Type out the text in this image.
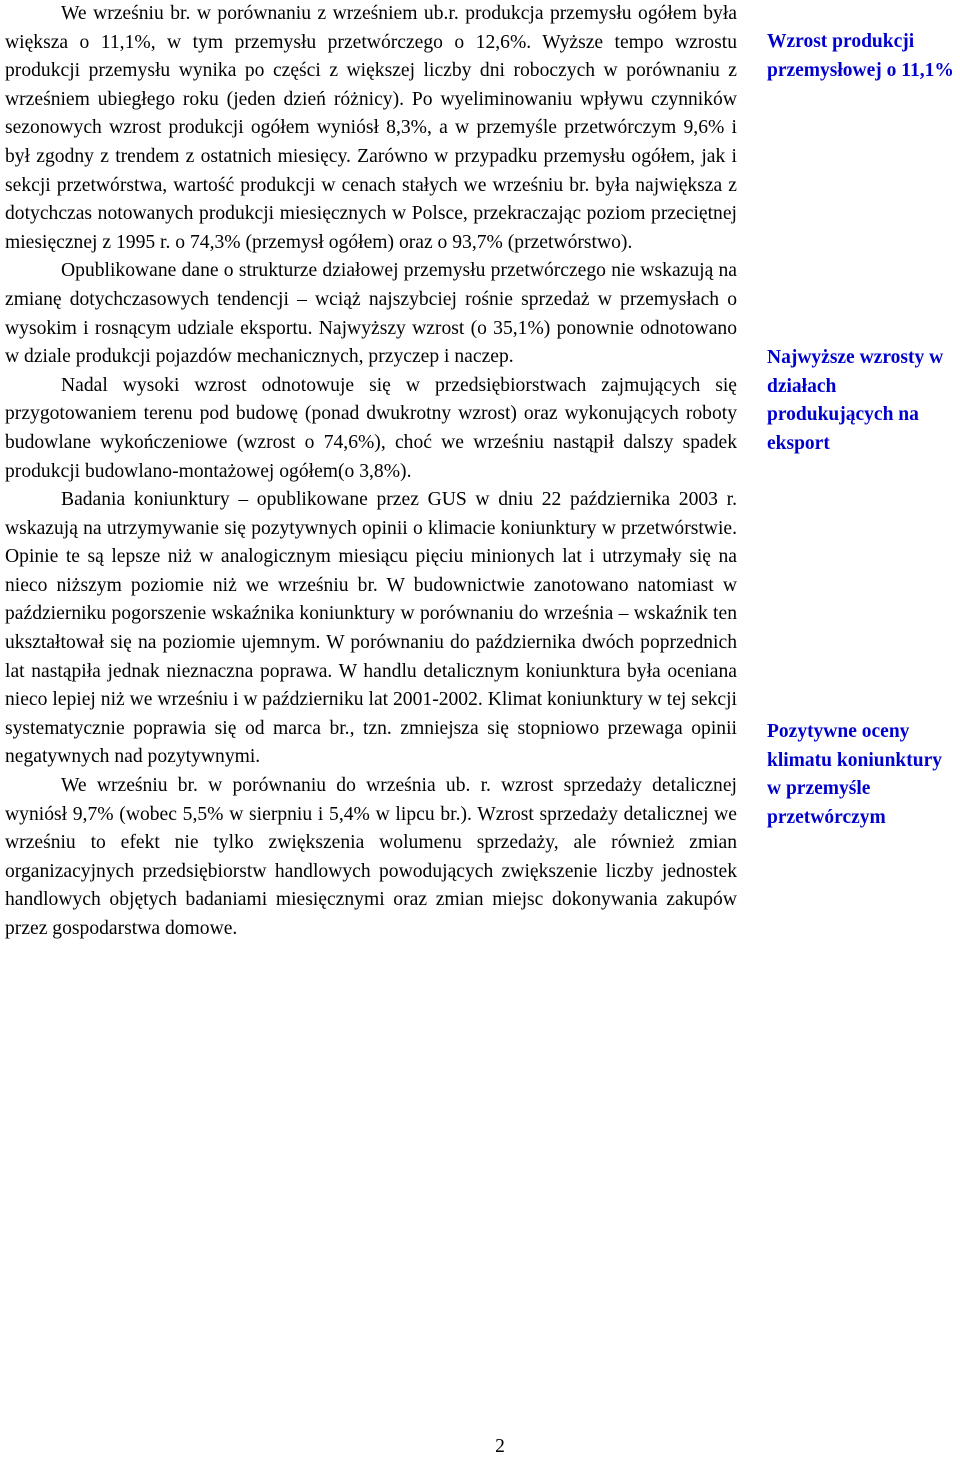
We wrześniu br. w porównaniu z wrześniem ub.r. produkcja przemysłu ogółem była większa o 11,1%, w tym przemysłu przetwórczego o 12,6%. Wyższe tempo wzrostu produkcji przemysłu wynika po części z większej liczby dni roboczych w porównaniu z wrześniem ubiegłego roku (jeden dzień różnicy). Po wyeliminowaniu wpływu czynników sezonowych wzrost produkcji ogółem wyniósł 8,3%, a w przemyśle przetwórczym 9,6% i był zgodny z trendem z ostatnich miesięcy. Zarówno w przypadku przemysłu ogółem, jak i sekcji przetwórstwa, wartość produkcji w cenach stałych we wrześniu br. była największa z dotychczas notowanych produkcji miesięcznych w Polsce, przekraczając poziom przeciętnej miesięcznej z 1995 r. o 74,3% (przemysł ogółem) oraz o 93,7% (przetwórstwo).

Opublikowane dane o strukturze działowej przemysłu przetwórczego nie wskazują na zmianę dotychczasowych tendencji – wciąż najszybciej rośnie sprzedaż w przemysłach o wysokim i rosnącym udziale eksportu. Najwyższy wzrost (o 35,1%) ponownie odnotowano w dziale produkcji pojazdów mechanicznych, przyczep i naczep.

Nadal wysoki wzrost odnotowuje się w przedsiębiorstwach zajmujących się przygotowaniem terenu pod budowę (ponad dwukrotny wzrost) oraz wykonujących roboty budowlane wykończeniowe (wzrost o 74,6%), choć we wrześniu nastąpił dalszy spadek produkcji budowlano-montażowej ogółem(o 3,8%).

Badania koniunktury – opublikowane przez GUS w dniu 22 października 2003 r. wskazują na utrzymywanie się pozytywnych opinii o klimacie koniunktury w przetwórstwie. Opinie te są lepsze niż w analogicznym miesiącu pięciu minionych lat i utrzymały się na nieco niższym poziomie niż we wrześniu br. W budownictwie zanotowano natomiast w październiku pogorszenie wskaźnika koniunktury w porównaniu do września – wskaźnik ten ukształtował się na poziomie ujemnym. W porównaniu do października dwóch poprzednich lat nastąpiła jednak nieznaczna poprawa. W handlu detalicznym koniunktura była oceniana nieco lepiej niż we wrześniu i w październiku lat 2001-2002. Klimat koniunktury w tej sekcji systematycznie poprawia się od marca br., tzn. zmniejsza się stopniowo przewaga opinii negatywnych nad pozytywnymi.

We wrześniu br. w porównaniu do września ub. r. wzrost sprzedaży detalicznej wyniósł 9,7% (wobec 5,5% w sierpniu i 5,4% w lipcu br.). Wzrost sprzedaży detalicznej we wrześniu to efekt nie tylko zwiększenia wolumenu sprzedaży, ale również zmian organizacyjnych przedsiębiorstw handlowych powodujących zwiększenie liczby jednostek handlowych objętych badaniami miesięcznymi oraz zmian miejsc dokonywania zakupów przez gospodarstwa domowe.

Wzrost produkcji przemysłowej o 11,1%
Najwyższe wzrosty w działach produkujących na eksport
Pozytywne oceny klimatu koniunktury w przemyśle przetwórczym
2
